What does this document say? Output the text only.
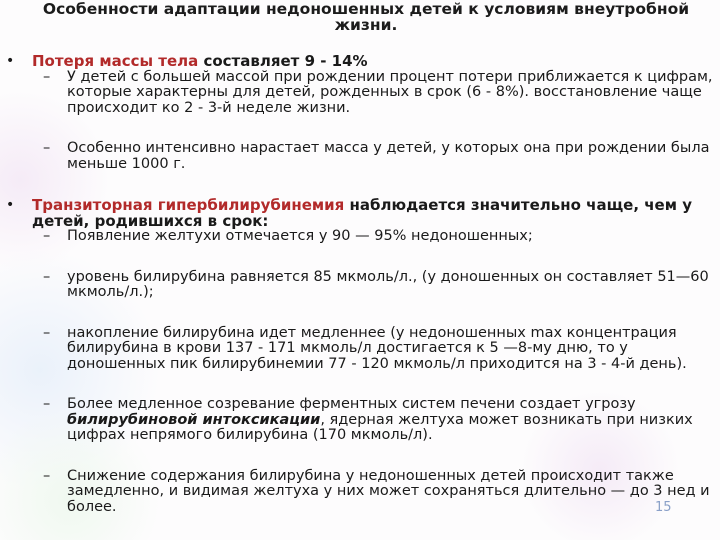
Особенности адаптации недоношенных детей к условиям внеутробной жизни.
• Потеря массы тела составляет 9 - 14%
– У детей с большей массой при рождении процент потери приближается к цифрам, которые характерны для детей, рожденных в срок (6 - 8%). восстановление чаще происходит ко 2 - 3-й неделе жизни.
– Особенно интенсивно нарастает масса у детей, у которых она при рождении была меньше 1000 г.
• Транзиторная гипербилирубинемия наблюдается значительно чаще, чем у детей, родившихся в срок:
– Появление желтухи отмечается у 90 — 95% недоношенных;
– уровень билирубина равняется 85 мкмоль/л., (у доношенных он составляет 51—60 мкмоль/л.);
– накопление билирубина идет медленнее (у недоношенных max концентрация билирубина в крови 137 - 171 мкмоль/л достигается к 5 —8-му дню, то у доношенных пик билирубинемии 77 - 120 мкмоль/л приходится на 3 - 4-й день).
– Более медленное созревание ферментных систем печени создает угрозу билирубиновой интоксикации, ядерная желтуха может возникать при низких цифрах непрямого билирубина (170 мкмоль/л).
– Снижение содержания билирубина у недоношенных детей происходит также замедленно, и видимая желтуха у них может сохраняться длительно — до 3 нед и более.	15
